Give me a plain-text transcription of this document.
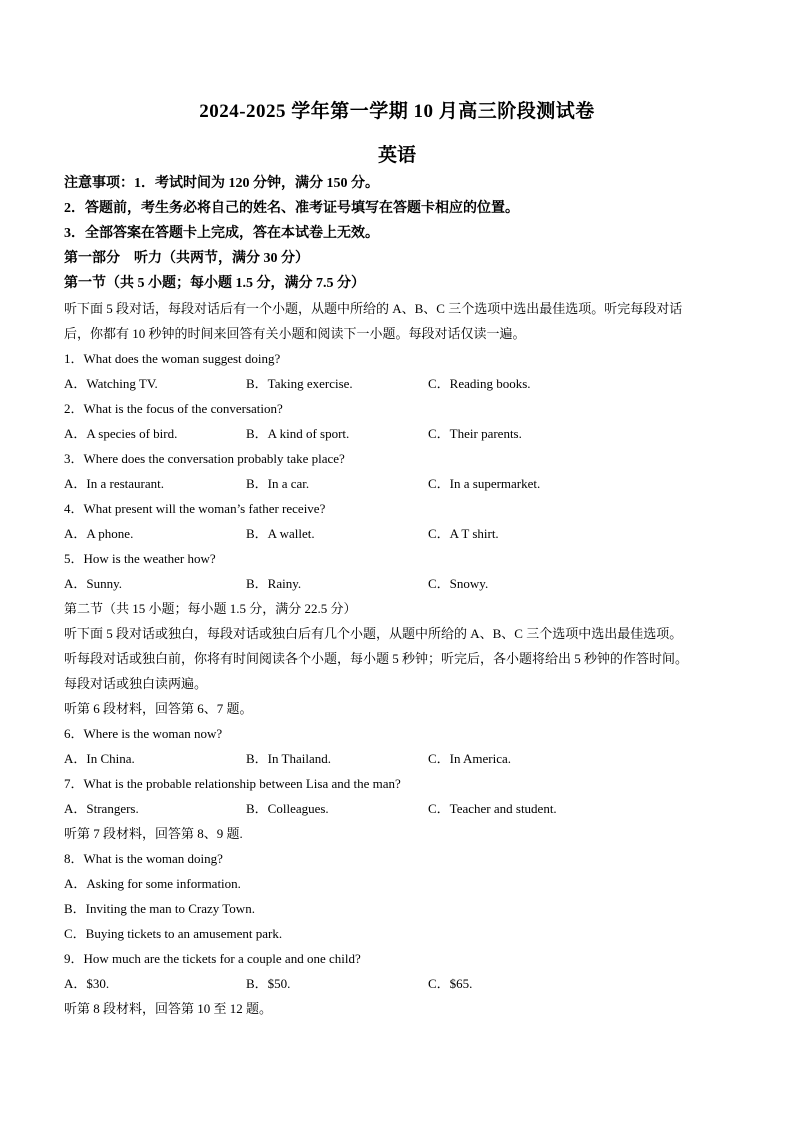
2024-2025 学年第一学期 10 月高三阶段测试卷
英语
注意事项：1．考试时间为 120 分钟，满分 150 分。
2．答题前，考生务必将自己的姓名、准考证号填写在答题卡相应的位置。
3．全部答案在答题卡上完成，答在本试卷上无效。
第一部分　听力（共两节，满分 30 分）
第一节（共 5 小题；每小题 1.5 分，满分 7.5 分）
听下面 5 段对话，每段对话后有一个小题，从题中所给的 A、B、C 三个选项中选出最佳选项。听完每段对话
后，你都有 10 秒钟的时间来回答有关小题和阅读下一小题。每段对话仅读一遍。
1．What does the woman suggest doing?
A．Watching TV.	B．Taking exercise.	C．Reading books.
2．What is the focus of the conversation?
A．A species of bird.	B．A kind of sport.	C．Their parents.
3．Where does the conversation probably take place?
A．In a restaurant.	B．In a car.	C．In a supermarket.
4．What present will the woman’s father receive?
A．A phone.	B．A wallet.	C．A T shirt.
5．How is the weather how?
A．Sunny.	B．Rainy.	C．Snowy.
第二节（共 15 小题；每小题 1.5 分，满分 22.5 分）
听下面 5 段对话或独白，每段对话或独白后有几个小题，从题中所给的 A、B、C 三个选项中选出最佳选项。
听每段对话或独白前，你将有时间阅读各个小题，每小题 5 秒钟；听完后，各小题将给出 5 秒钟的作答时间。
每段对话或独白读两遍。
听第 6 段材料，回答第 6、7 题。
6．Where is the woman now?
A．In China.	B．In Thailand.	C．In America.
7．What is the probable relationship between Lisa and the man?
A．Strangers.	B．Colleagues.	C．Teacher and student.
听第 7 段材料，回答第 8、9 题.
8．What is the woman doing?
A．Asking for some information.
B．Inviting the man to Crazy Town.
C．Buying tickets to an amusement park.
9．How much are the tickets for a couple and one child?
A．$30.	B．$50.	C．$65.
听第 8 段材料，回答第 10 至 12 题。
